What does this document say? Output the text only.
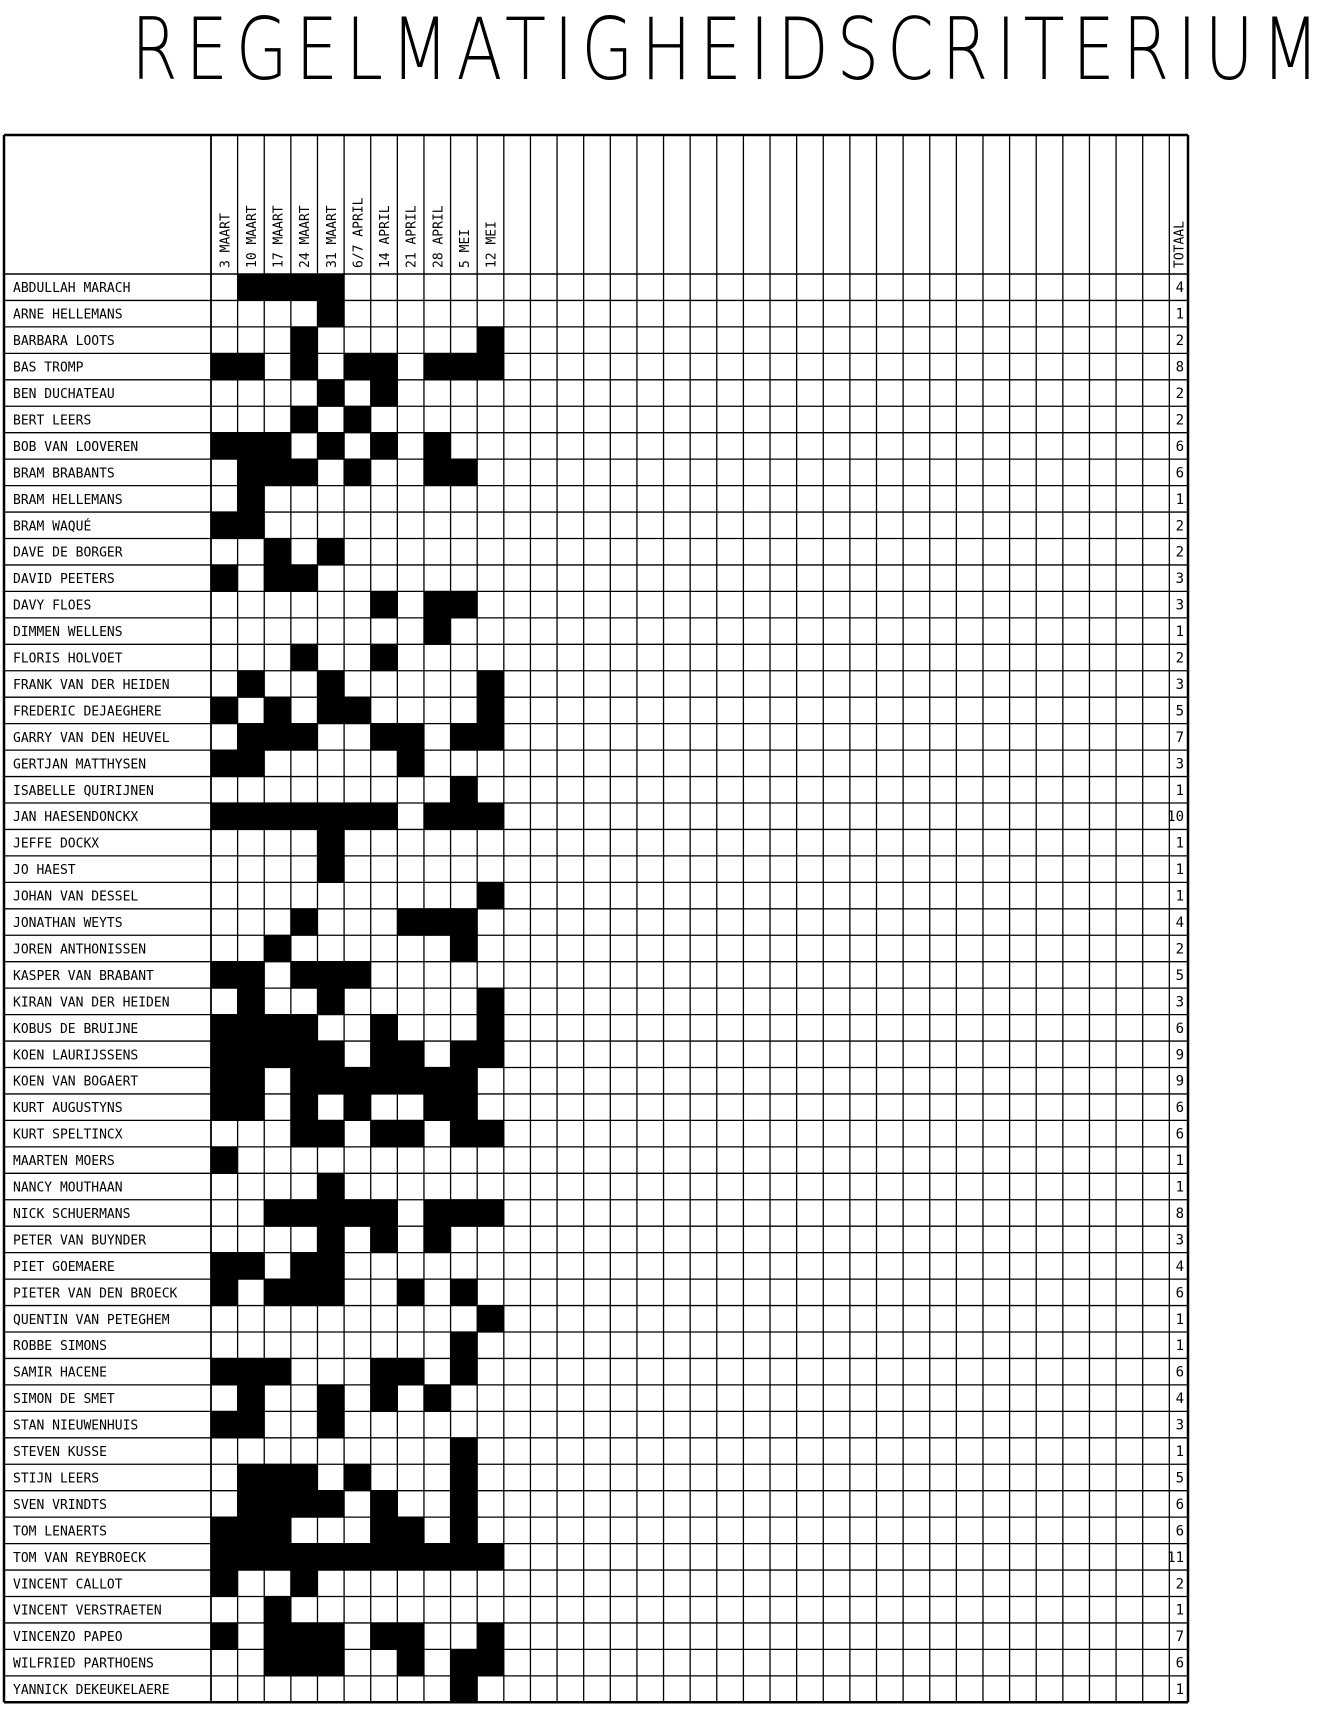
REGELMATIGHEIDSCRITERIUM
3 MAART 10 MAART 17 MAART 24 MAART 31 MAART 6/7 APRIL 14 APRIL 21 APRIL 28 APRIL 5 MEI 12 MEI	TOTAAL
ABDULLAH MARACH	4
ARNE HELLEMANS	1
BARBARA LOOTS	2
BAS TROMP	8
BEN DUCHATEAU	2
BERT LEERS	2
BOB VAN LOOVEREN	6
BRAM BRABANTS	6
BRAM HELLEMANS	1
BRAM WAQUÉ	2
DAVE DE BORGER	2
DAVID PEETERS	3
DAVY FLOES	3
DIMMEN WELLENS	1
FLORIS HOLVOET	2
FRANK VAN DER HEIDEN	3
FREDERIC DEJAEGHERE	5
GARRY VAN DEN HEUVEL	7
GERTJAN MATTHYSEN	3
ISABELLE QUIRIJNEN	1
JAN HAESENDONCKX	10
JEFFE DOCKX	1
JO HAEST	1
JOHAN VAN DESSEL	1
JONATHAN WEYTS	4
JOREN ANTHONISSEN	2
KASPER VAN BRABANT	5
KIRAN VAN DER HEIDEN	3
KOBUS DE BRUIJNE	6
KOEN LAURIJSSENS	9
KOEN VAN BOGAERT	9
KURT AUGUSTYNS	6
KURT SPELTINCX	6
MAARTEN MOERS	1
NANCY MOUTHAAN	1
NICK SCHUERMANS	8
PETER VAN BUYNDER	3
PIET GOEMAERE	4
PIETER VAN DEN BROECK	6
QUENTIN VAN PETEGHEM	1
ROBBE SIMONS	1
SAMIR HACENE	6
SIMON DE SMET	4
STAN NIEUWENHUIS	3
STEVEN KUSSE	1
STIJN LEERS	5
SVEN VRINDTS	6
TOM LENAERTS	6
TOM VAN REYBROECK	11
VINCENT CALLOT	2
VINCENT VERSTRAETEN	1
VINCENZO PAPEO	7
WILFRIED PARTHOENS	6
YANNICK DEKEUKELAERE	1
